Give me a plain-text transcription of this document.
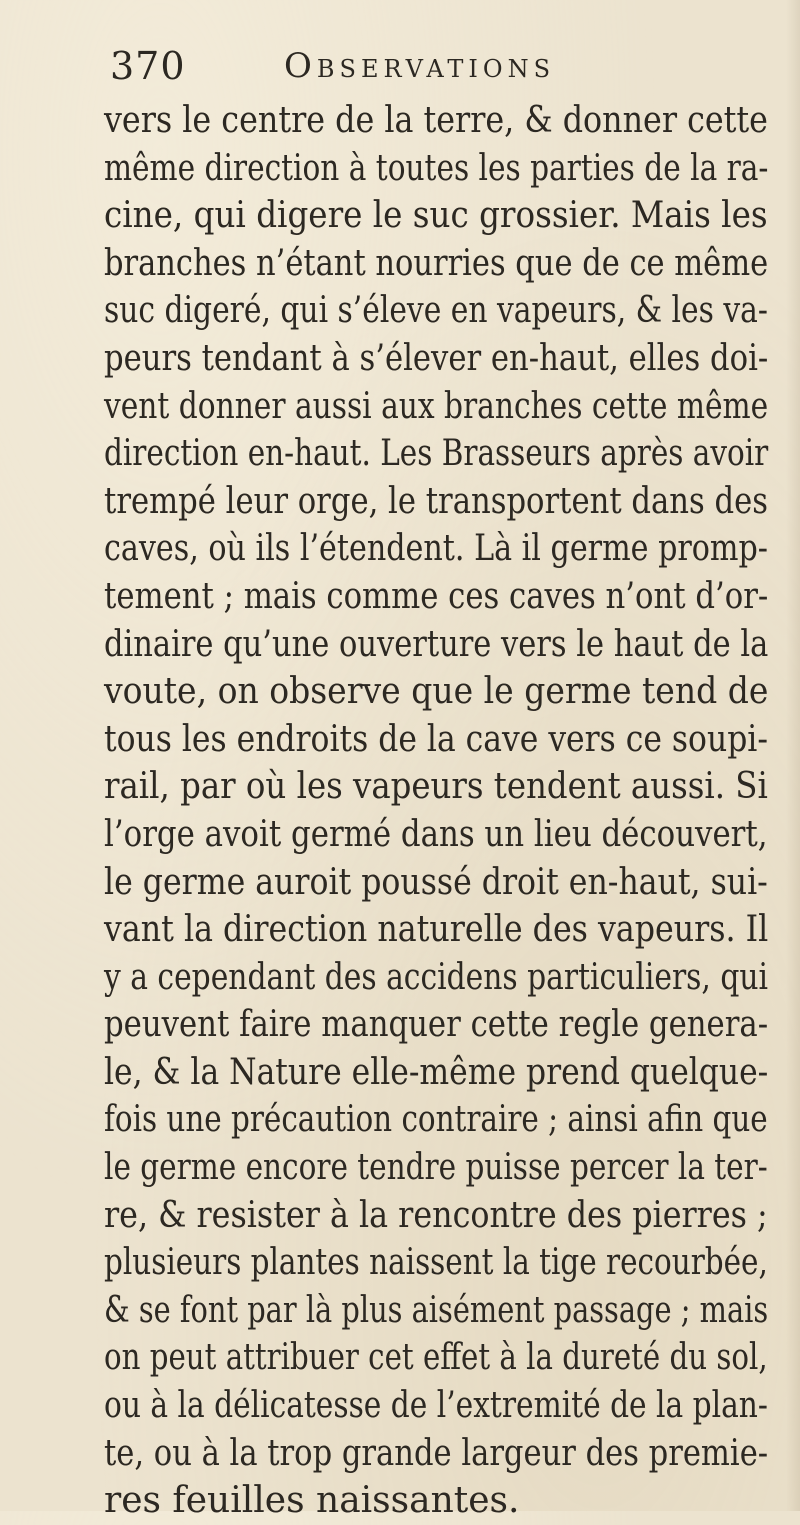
370	Observations
vers le centre de la terre, & donner cette
même direction à toutes les parties de la ra-
cine, qui digere le suc grossier. Mais les
branches n’étant nourries que de ce même
suc digeré, qui s’éleve en vapeurs, & les va-
peurs tendant à s’élever en-haut, elles doi-
vent donner aussi aux branches cette même
direction en-haut. Les Brasseurs après avoir
trempé leur orge, le transportent dans des
caves, où ils l’étendent. Là il germe promp-
tement ; mais comme ces caves n’ont d’or-
dinaire qu’une ouverture vers le haut de la
voute, on observe que le germe tend de
tous les endroits de la cave vers ce soupi-
rail, par où les vapeurs tendent aussi. Si
l’orge avoit germé dans un lieu découvert,
le germe auroit poussé droit en-haut, sui-
vant la direction naturelle des vapeurs. Il
y a cependant des accidens particuliers, qui
peuvent faire manquer cette regle genera-
le, & la Nature elle-même prend quelque-
fois une précaution contraire ; ainsi afin que
le germe encore tendre puisse percer la ter-
re, & resister à la rencontre des pierres ;
plusieurs plantes naissent la tige recourbée,
& se font par là plus aisément passage ; mais
on peut attribuer cet effet à la dureté du sol,
ou à la délicatesse de l’extremité de la plan-
te, ou à la trop grande largeur des premie-
res feuilles naissantes.
